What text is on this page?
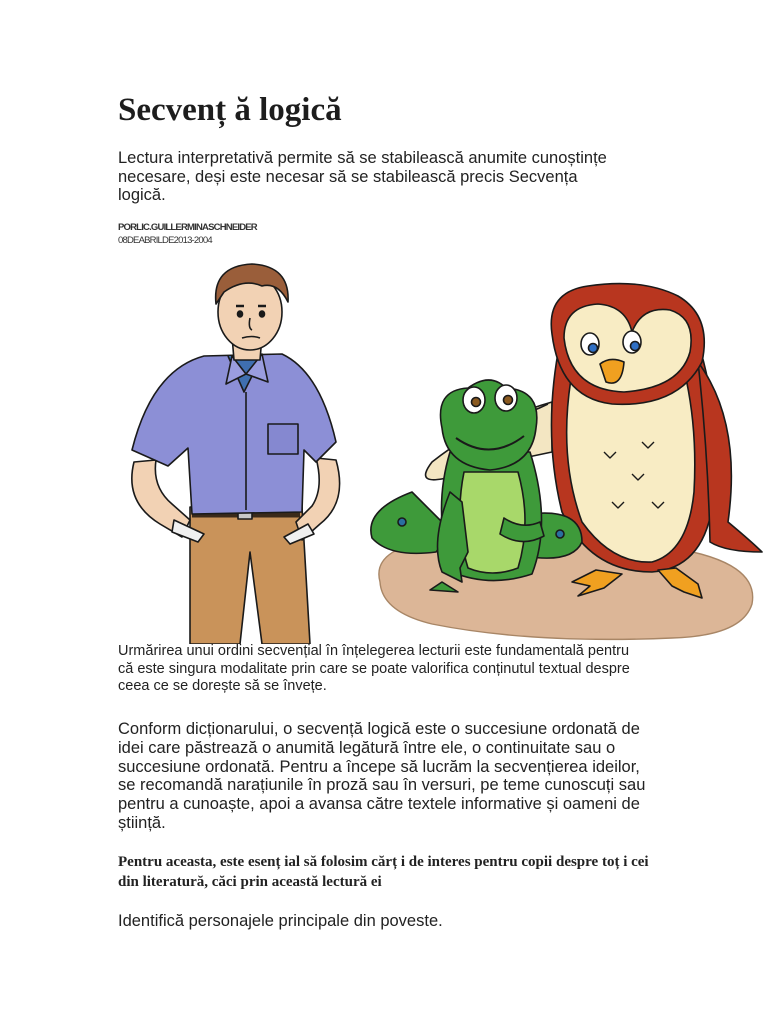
Secvenț ă logică

Lectura interpretativă permite să se stabilească anumite cunoștințe necesare, deși este necesar să se stabilească precis Secvența logică.

PORLIC.GUILLERMINASCHNEIDER
08DEABRILDE2013-2004

Urmărirea unui ordini secvențial în înțelegerea lecturii este fundamentală pentru că este singura modalitate prin care se poate valorifica conținutul textual despre ceea ce se dorește să se învețe.

Conform dicționarului, o secvență logică este o succesiune ordonată de idei care păstrează o anumită legătură între ele, o continuitate sau o succesiune ordonată. Pentru a începe să lucrăm la secvențierea ideilor, se recomandă narațiunile în proză sau în versuri, pe teme cunoscuți sau pentru a cunoaște, apoi a avansa către textele informative și oameni de știință.

Pentru aceasta, este esenț ial să folosim cărț i de interes pentru copii despre toț i cei din literatură, căci prin această lectură ei

Identifică personajele principale din poveste.
